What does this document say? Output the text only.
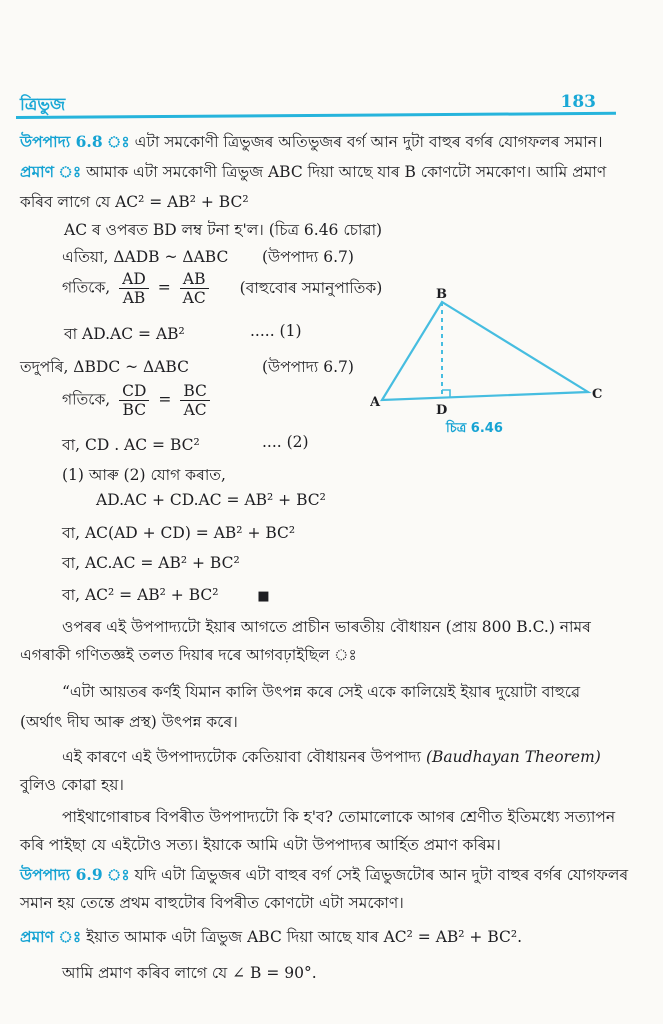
ত্ৰিভুজ	183
উপপাদ্য 6.8 ঃ এটা সমকোণী ত্ৰিভুজৰ অতিভুজৰ বৰ্গ আন দুটা বাহুৰ বৰ্গৰ যোগফলৰ সমান।
প্ৰমাণ ঃ আমাক এটা সমকোণী ত্ৰিভুজ ABC দিয়া আছে যাৰ B কোণটো সমকোণ। আমি প্ৰমাণ
কৰিব লাগে যে AC² = AB² + BC²
AC ৰ ওপৰত BD লম্ব টনা হ'ল। (চিত্ৰ 6.46 চোৱা)
এতিয়া, ΔADB ~ ΔABC (উপপাদ্য 6.7)
গতিকে, $\frac{AD}{AB} = \frac{AB}{AC}$ (বাহুবোৰ সমানুপাতিক)
বা AD.AC = AB²	..... (1)
তদুপৰি, ΔBDC ~ ΔABC	(উপপাদ্য 6.7)
গতিকে, $\frac{CD}{BC} = \frac{BC}{AC}$
বা, CD . AC = BC²	.... (2)
(1) আৰু (2) যোগ কৰাত,
AD.AC + CD.AC = AB² + BC²
বা, AC(AD + CD) = AB² + BC²
বা, AC.AC = AB² + BC²
বা, AC² = AB² + BC²	■
A
B
C
D
চিত্ৰ 6.46
ওপৰৰ এই উপপাদ্যটো ইয়াৰ আগতে প্ৰাচীন ভাৰতীয় বৌধায়ন (প্ৰায় 800 B.C.) নামৰ
এগৰাকী গণিতজ্ঞই তলত দিয়াৰ দৰে আগবঢ়াইছিল ঃ
“এটা আয়তৰ কৰ্ণই যিমান কালি উৎপন্ন কৰে সেই একে কালিয়েই ইয়াৰ দুয়োটা বাহুৱে
(অৰ্থাৎ দীঘ আৰু প্ৰস্থ) উৎপন্ন কৰে।
এই কাৰণে এই উপপাদ্যটোক কেতিয়াবা বৌধায়নৰ উপপাদ্য (Baudhayan Theorem)
বুলিও কোৱা হয়।
পাইথাগোৰাচৰ বিপৰীত উপপাদ্যটো কি হ'ব? তোমালোকে আগৰ শ্ৰেণীত ইতিমধ্যে সত্যাপন
কৰি পাইছা যে এইটোও সত্য। ইয়াকে আমি এটা উপপাদ্যৰ আৰ্হিত প্ৰমাণ কৰিম।
উপপাদ্য 6.9 ঃ যদি এটা ত্ৰিভুজৰ এটা বাহুৰ বৰ্গ সেই ত্ৰিভুজটোৰ আন দুটা বাহুৰ বৰ্গৰ যোগফলৰ
সমান হয় তেন্তে প্ৰথম বাহুটোৰ বিপৰীত কোণটো এটা সমকোণ।
প্ৰমাণ ঃ ইয়াত আমাক এটা ত্ৰিভুজ ABC দিয়া আছে যাৰ AC² = AB² + BC².
আমি প্ৰমাণ কৰিব লাগে যে ∠ B = 90°.
